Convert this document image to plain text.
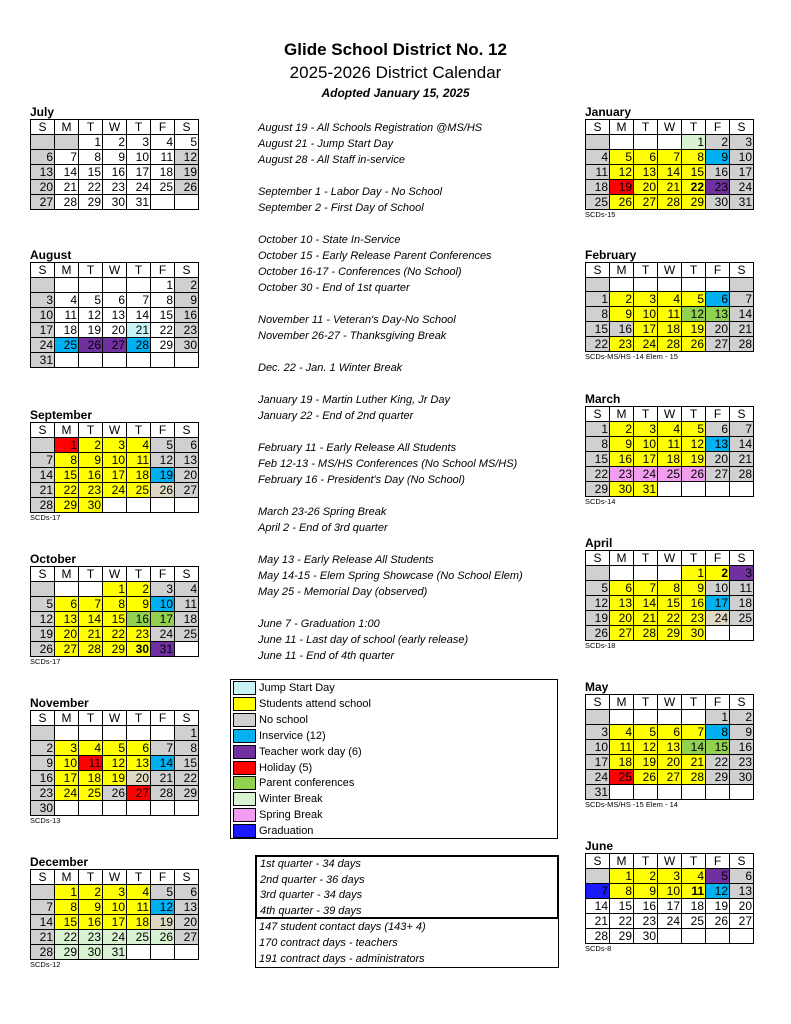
Glide School District No. 12
2025-2026 District Calendar
Adopted January 15, 2025
July
S	M	T	W	T	F	S
		1	2	3	4	5
6	7	8	9	10	11	12
13	14	15	16	17	18	19
20	21	22	23	24	25	26
27	28	29	30	31		
August
S	M	T	W	T	F	S
					1	2
3	4	5	6	7	8	9
10	11	12	13	14	15	16
17	18	19	20	21	22	23
24	25	26	27	28	29	30
31						
September
S	M	T	W	T	F	S
	1	2	3	4	5	6
7	8	9	10	11	12	13
14	15	16	17	18	19	20
21	22	23	24	25	26	27
28	29	30				
SCDs-17
October
S	M	T	W	T	F	S
			1	2	3	4
5	6	7	8	9	10	11
12	13	14	15	16	17	18
19	20	21	22	23	24	25
26	27	28	29	30	31	
SCDs-17
November
S	M	T	W	T	F	S
						1
2	3	4	5	6	7	8
9	10	11	12	13	14	15
16	17	18	19	20	21	22
23	24	25	26	27	28	29
30						
SCDs-13
December
S	M	T	W	T	F	S
	1	2	3	4	5	6
7	8	9	10	11	12	13
14	15	16	17	18	19	20
21	22	23	24	25	26	27
28	29	30	31			
SCDs-12
January
S	M	T	W	T	F	S
				1	2	3
4	5	6	7	8	9	10
11	12	13	14	15	16	17
18	19	20	21	22	23	24
25	26	27	28	29	30	31
SCDs-15
February
S	M	T	W	T	F	S

1	2	3	4	5	6	7
8	9	10	11	12	13	14
15	16	17	18	19	20	21
22	23	24	28	26	27	28
SCDs-MS/HS -14 Elem - 15
March
S	M	T	W	T	F	S
1	2	3	4	5	6	7
8	9	10	11	12	13	14
15	16	17	18	19	20	21
22	23	24	25	26	27	28
29	30	31				
SCDs-14
April
S	M	T	W	T	F	S
				1	2	3
5	6	7	8	9	10	11
12	13	14	15	16	17	18
19	20	21	22	23	24	25
26	27	28	29	30		
SCDs-18
May
S	M	T	W	T	F	S
					1	2
3	4	5	6	7	8	9
10	11	12	13	14	15	16
17	18	19	20	21	22	23
24	25	26	27	28	29	30
31						
SCDs-MS/HS -15 Elem - 14
June
S	M	T	W	T	F	S
	1	2	3	4	5	6
7	8	9	10	11	12	13
14	15	16	17	18	19	20
21	22	23	24	25	26	27
28	29	30				
SCDs-8
August 19 - All Schools Registration @MS/HS
August 21 - Jump Start Day
August 28 - All Staff in-service
September 1 - Labor Day - No School
September 2 - First Day of School
October 10 - State In-Service
October 15 - Early Release Parent Conferences
October 16-17 - Conferences (No School)
October 30 - End of 1st quarter
November 11 - Veteran's Day-No School
November 26-27 - Thanksgiving Break
Dec. 22 - Jan. 1 Winter Break
January 19 - Martin Luther King, Jr Day
January 22 - End of 2nd quarter
February 11 - Early Release All Students
Feb 12-13 - MS/HS Conferences (No School MS/HS)
February 16 - President's Day (No School)
March 23-26 Spring Break
April 2 - End of 3rd quarter
May 13 - Early Release All Students
May 14-15 - Elem Spring Showcase (No School Elem)
May 25 - Memorial Day (observed)
June 7 - Graduation 1:00
June 11 - Last day of school (early release)
June 11 - End of 4th quarter
Jump Start Day
Students attend school
No school
Inservice (12)
Teacher work day (6)
Holiday (5)
Parent conferences
Winter Break
Spring Break
Graduation
1st quarter - 34 days
2nd quarter - 36 days
3rd quarter - 34 days
4th quarter - 39 days
147 student contact days (143+ 4)
170 contract days - teachers
191 contract days - administrators
